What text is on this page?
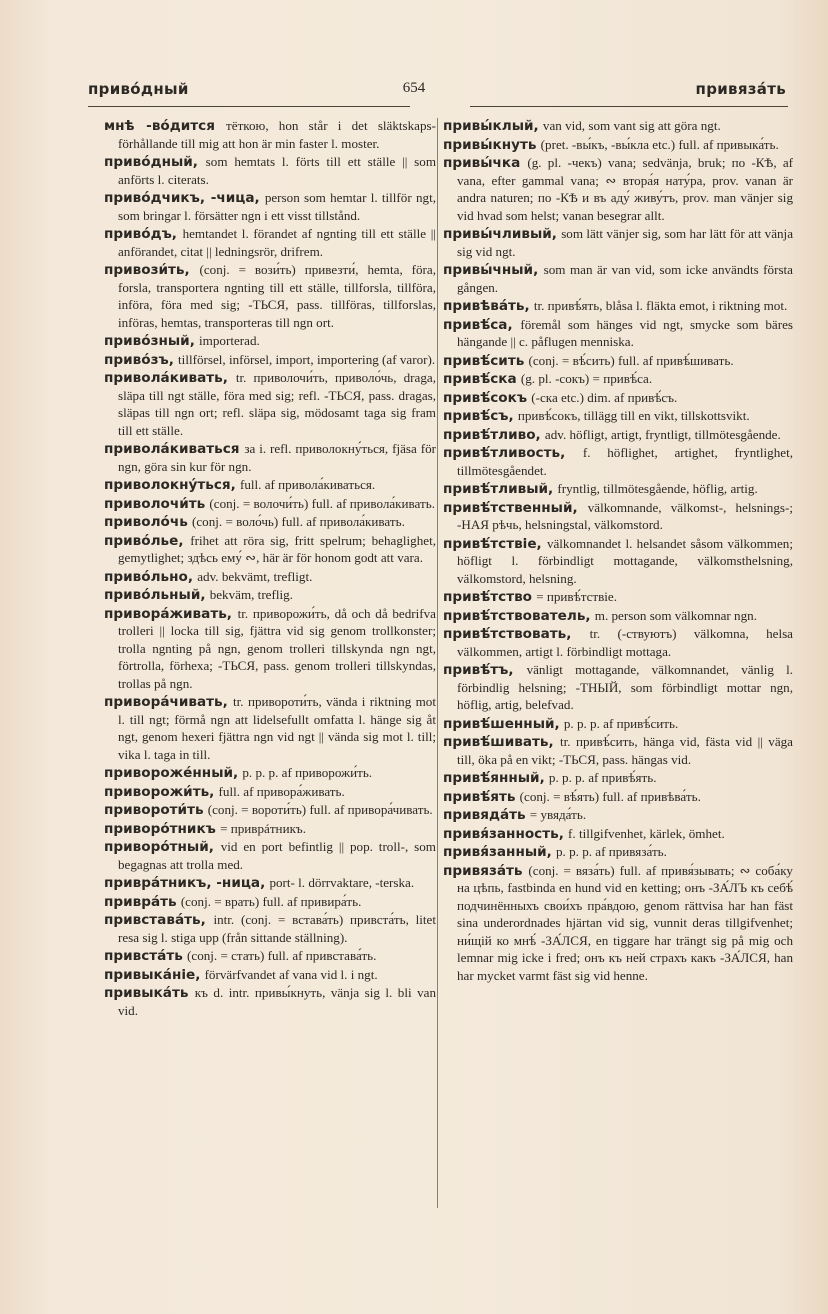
приво́дный	654	привяза́ть
мнѣ -во́дится тёткою, hon står i det släktskaps-förhållande till mig att hon är min faster l. moster.
приво́дный, som hemtats l. förts till ett ställe || som anförts l. citerats.
приво́дчикъ, -чица, person som hemtar l. tillför ngt, som bringar l. försätter ngn i ett visst tillstånd.
приво́дъ, hemtandet l. förandet af ngnting till ett ställe || anförandet, citat || ledningsrör, drifrem.
привози́ть, (conj. = вози́ть) привезти́, hemta, föra, forsla, transportera ngnting till ett ställe, tillforsla, tillföra, införa, föra med sig; -ТЬСЯ, pass. tillföras, tillforslas, införas, hemtas, transporteras till ngn ort.
приво́зный, importerad.
приво́зъ, tillförsel, införsel, import, importering (af varor).
привола́кивать, tr. приволочи́ть, приволо́чь, draga, släpa till ngt ställe, föra med sig; refl. -ТЬСЯ, pass. dragas, släpas till ngn ort; refl. släpa sig, mödosamt taga sig fram till ett ställe.
привола́киваться за i. refl. приволокну́ться, fjäsa för ngn, göra sin kur för ngn.
приволокну́ться, full. af привола́киваться.
приволочи́ть (conj. = волочи́ть) full. af привола́кивать.
приволо́чь (conj. = воло́чь) full. af привола́кивать.
приво́лье, frihet att röra sig, fritt spelrum; behaglighet, gemytlighet; здѣсь ему́ ∾, här är för honom godt att vara.
приво́льно, adv. bekvämt, trefligt.
приво́льный, bekväm, treflig.
привора́живать, tr. приворожи́ть, då och då bedrifva trolleri || locka till sig, fjättra vid sig genom trollkonster; trolla ngnting på ngn, genom trolleri tillskynda ngn ngt, förtrolla, förhexa; -ТЬСЯ, pass. genom trolleri tillskyndas, trollas på ngn.
привора́чивать, tr. привороти́ть, vända i riktning mot l. till ngt; förmå ngn att lidelsefullt omfatta l. hänge sig åt ngt, genom hexeri fjättra ngn vid ngt || vända sig mot l. till; vika l. taga in till.
привороже́нный, p. p. p. af приворожи́ть.
приворожи́ть, full. af привора́живать.
привороти́ть (conj. = вороти́ть) full. af привора́чивать.
приворо́тникъ = приврáтникъ.
приворо́тный, vid en port befintlig || pop. troll-, som begagnas att trolla med.
привра́тникъ, -ница, port- l. dörrvaktare, -terska.
привра́ть (conj. = врать) full. af привира́ть.
привстава́ть, intr. (conj. = встава́ть) привста́ть, litet resa sig l. stiga upp (från sittande ställning).
привста́ть (conj. = стать) full. af привстава́ть.
привыка́ніе, förvärfvandet af vana vid l. i ngt.
привыка́ть къ d. intr. привы́кнуть, vänja sig l. bli van vid.
привы́клый, van vid, som vant sig att göra ngt.
привы́кнуть (pret. -вы́къ, -вы́кла etc.) full. af привыка́ть.
привы́чка (g. pl. -чекъ) vana; sedvänja, bruk; по -КѢ, af vana, efter gammal vana; ∾ втора́я нату́ра, prov. vanan är andra naturen; по -КѢ и въ аду́ живу́тъ, prov. man vänjer sig vid hvad som helst; vanan besegrar allt.
привы́чливый, som lätt vänjer sig, som har lätt för att vänja sig vid ngt.
привы́чный, som man är van vid, som icke användts första gången.
привѣва́ть, tr. привѣ́ять, blåsa l. fläkta emot, i riktning mot.
привѣ́са, föremål som hänges vid ngt, smycke som bäres hängande || c. påflugen menniska.
привѣ́сить (conj. = вѣ́сить) full. af привѣ́шивать.
привѣ́ска (g. pl. -сокъ) = привѣ́са.
привѣ́сокъ (-ска etc.) dim. af привѣ́съ.
привѣ́съ, привѣ́сокъ, tillägg till en vikt, tillskottsvikt.
привѣ́тливо, adv. höfligt, artigt, fryntligt, tillmötesgående.
привѣ́тливость, f. höflighet, artighet, fryntlighet, tillmötesgåendet.
привѣ́тливый, fryntlig, tillmötesgående, höflig, artig.
привѣ́тственный, välkomnande, välkomst-, helsnings-; -НАЯ рѣчь, helsningstal, välkomstord.
привѣ́тствіе, välkomnandet l. helsandet såsom välkommen; höfligt l. förbindligt mottagande, välkomsthelsning, välkomstord, helsning.
привѣ́тство = привѣ́тствіе.
привѣ́тствователь, m. person som välkomnar ngn.
привѣ́тствовать, tr. (-ствуютъ) välkomna, helsa välkommen, artigt l. förbindligt mottaga.
привѣ́тъ, vänligt mottagande, välkomnandet, vänlig l. förbindlig helsning; -ТНЫЙ, som förbindligt mottar ngn, höflig, artig, belefvad.
привѣ́шенный, p. p. p. af привѣ́сить.
привѣ́шивать, tr. привѣ́сить, hänga vid, fästa vid || väga till, öka på en vikt; -ТЬСЯ, pass. hängas vid.
привѣ́янный, p. p. p. af привѣ́ять.
привѣ́ять (conj. = вѣ́ять) full. af привѣва́ть.
привяда́ть = увяда́ть.
привя́занность, f. tillgifvenhet, kärlek, ömhet.
привя́занный, p. p. p. af привяза́ть.
привяза́ть (conj. = вяза́ть) full. af привя́зывать; ∾ соба́ку на цѣпь, fastbinda en hund vid en ketting; онъ -ЗА́ЛЪ къ себѣ́ подчинённыхъ свои́хъ пра́вдою, genom rättvisa har han fäst sina underordnades hjärtan vid sig, vunnit deras tillgifvenhet; ни́щій ко мнѣ́ -ЗА́ЛСЯ, en tiggare har trängt sig på mig och lemnar mig icke i fred; онъ къ ней страхъ какъ -ЗА́ЛСЯ, han har mycket varmt fäst sig vid henne.
